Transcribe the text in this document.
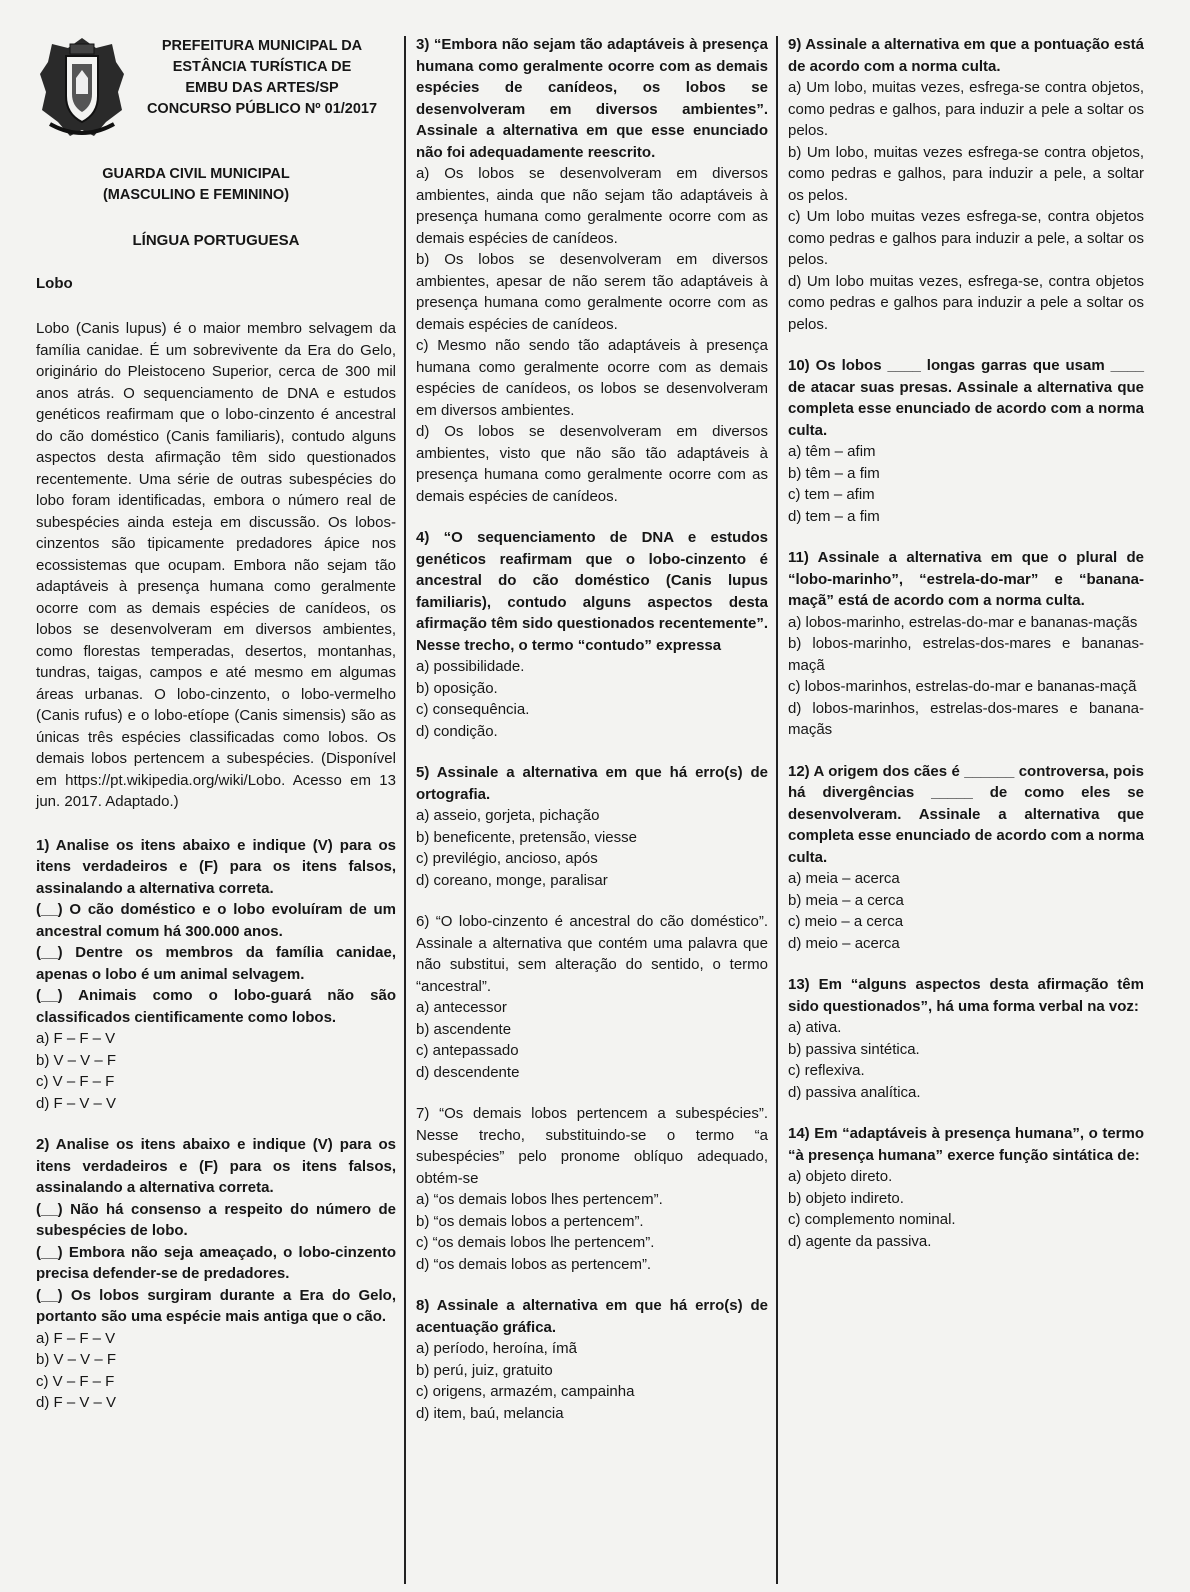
PREFEITURA MUNICIPAL DA
ESTÂNCIA TURÍSTICA DE
EMBU DAS ARTES/SP
CONCURSO PÚBLICO Nº 01/2017
GUARDA CIVIL MUNICIPAL
(MASCULINO E FEMININO)
LÍNGUA PORTUGUESA
Lobo
Lobo (Canis lupus) é o maior membro selvagem da família canidae. É um sobrevivente da Era do Gelo, originário do Pleistoceno Superior, cerca de 300 mil anos atrás. O sequenciamento de DNA e estudos genéticos reafirmam que o lobo-cinzento é ancestral do cão doméstico (Canis familiaris), contudo alguns aspectos desta afirmação têm sido questionados recentemente. Uma série de outras subespécies do lobo foram identificadas, embora o número real de subespécies ainda esteja em discussão. Os lobos-cinzentos são tipicamente predadores ápice nos ecossistemas que ocupam. Embora não sejam tão adaptáveis à presença humana como geralmente ocorre com as demais espécies de canídeos, os lobos se desenvolveram em diversos ambientes, como florestas temperadas, desertos, montanhas, tundras, taigas, campos e até mesmo em algumas áreas urbanas. O lobo-cinzento, o lobo-vermelho (Canis rufus) e o lobo-etíope (Canis simensis) são as únicas três espécies classificadas como lobos. Os demais lobos pertencem a subespécies. (Disponível em https://pt.wikipedia.org/wiki/Lobo. Acesso em 13 jun. 2017. Adaptado.)
1) Analise os itens abaixo e indique (V) para os itens verdadeiros e (F) para os itens falsos, assinalando a alternativa correta.
(__) O cão doméstico e o lobo evoluíram de um ancestral comum há 300.000 anos.
(__) Dentre os membros da família canidae, apenas o lobo é um animal selvagem.
(__) Animais como o lobo-guará não são classificados cientificamente como lobos.
a) F – F – V
b) V – V – F
c) V – F – F
d) F – V – V
2) Analise os itens abaixo e indique (V) para os itens verdadeiros e (F) para os itens falsos, assinalando a alternativa correta.
(__) Não há consenso a respeito do número de subespécies de lobo.
(__) Embora não seja ameaçado, o lobo-cinzento precisa defender-se de predadores.
(__) Os lobos surgiram durante a Era do Gelo, portanto são uma espécie mais antiga que o cão.
a) F – F – V
b) V – V – F
c) V – F – F
d) F – V – V
3) “Embora não sejam tão adaptáveis à presença humana como geralmente ocorre com as demais espécies de canídeos, os lobos se desenvolveram em diversos ambientes”. Assinale a alternativa em que esse enunciado não foi adequadamente reescrito.
a) Os lobos se desenvolveram em diversos ambientes, ainda que não sejam tão adaptáveis à presença humana como geralmente ocorre com as demais espécies de canídeos.
b) Os lobos se desenvolveram em diversos ambientes, apesar de não serem tão adaptáveis à presença humana como geralmente ocorre com as demais espécies de canídeos.
c) Mesmo não sendo tão adaptáveis à presença humana como geralmente ocorre com as demais espécies de canídeos, os lobos se desenvolveram em diversos ambientes.
d) Os lobos se desenvolveram em diversos ambientes, visto que não são tão adaptáveis à presença humana como geralmente ocorre com as demais espécies de canídeos.
4) “O sequenciamento de DNA e estudos genéticos reafirmam que o lobo-cinzento é ancestral do cão doméstico (Canis lupus familiaris), contudo alguns aspectos desta afirmação têm sido questionados recentemente”. Nesse trecho, o termo “contudo” expressa
a) possibilidade.
b) oposição.
c) consequência.
d) condição.
5) Assinale a alternativa em que há erro(s) de ortografia.
a) asseio, gorjeta, pichação
b) beneficente, pretensão, viesse
c) previlégio, ancioso, após
d) coreano, monge, paralisar
6) “O lobo-cinzento é ancestral do cão doméstico”. Assinale a alternativa que contém uma palavra que não substitui, sem alteração do sentido, o termo “ancestral”.
a) antecessor
b) ascendente
c) antepassado
d) descendente
7) “Os demais lobos pertencem a subespécies”. Nesse trecho, substituindo-se o termo “a subespécies” pelo pronome oblíquo adequado, obtém-se
a) “os demais lobos lhes pertencem”.
b) “os demais lobos a pertencem”.
c) “os demais lobos lhe pertencem”.
d) “os demais lobos as pertencem”.
8) Assinale a alternativa em que há erro(s) de acentuação gráfica.
a) período, heroína, ímã
b) perú, juiz, gratuito
c) origens, armazém, campainha
d) item, baú, melancia
9) Assinale a alternativa em que a pontuação está de acordo com a norma culta.
a) Um lobo, muitas vezes, esfrega-se contra objetos, como pedras e galhos, para induzir a pele a soltar os pelos.
b) Um lobo, muitas vezes esfrega-se contra objetos, como pedras e galhos, para induzir a pele, a soltar os pelos.
c) Um lobo muitas vezes esfrega-se, contra objetos como pedras e galhos para induzir a pele, a soltar os pelos.
d) Um lobo muitas vezes, esfrega-se, contra objetos como pedras e galhos para induzir a pele a soltar os pelos.
10) Os lobos ____ longas garras que usam ____ de atacar suas presas. Assinale a alternativa que completa esse enunciado de acordo com a norma culta.
a) têm – afim
b) têm – a fim
c) tem – afim
d) tem – a fim
11) Assinale a alternativa em que o plural de “lobo-marinho”, “estrela-do-mar” e “banana-maçã” está de acordo com a norma culta.
a) lobos-marinho, estrelas-do-mar e bananas-maçãs
b) lobos-marinho, estrelas-dos-mares e bananas-maçã
c) lobos-marinhos, estrelas-do-mar e bananas-maçã
d) lobos-marinhos, estrelas-dos-mares e banana-maçãs
12) A origem dos cães é ______ controversa, pois há divergências _____ de como eles se desenvolveram. Assinale a alternativa que completa esse enunciado de acordo com a norma culta.
a) meia – acerca
b) meia – a cerca
c) meio – a cerca
d) meio – acerca
13) Em “alguns aspectos desta afirmação têm sido questionados”, há uma forma verbal na voz:
a) ativa.
b) passiva sintética.
c) reflexiva.
d) passiva analítica.
14) Em “adaptáveis à presença humana”, o termo “à presença humana” exerce função sintática de:
a) objeto direto.
b) objeto indireto.
c) complemento nominal.
d) agente da passiva.
